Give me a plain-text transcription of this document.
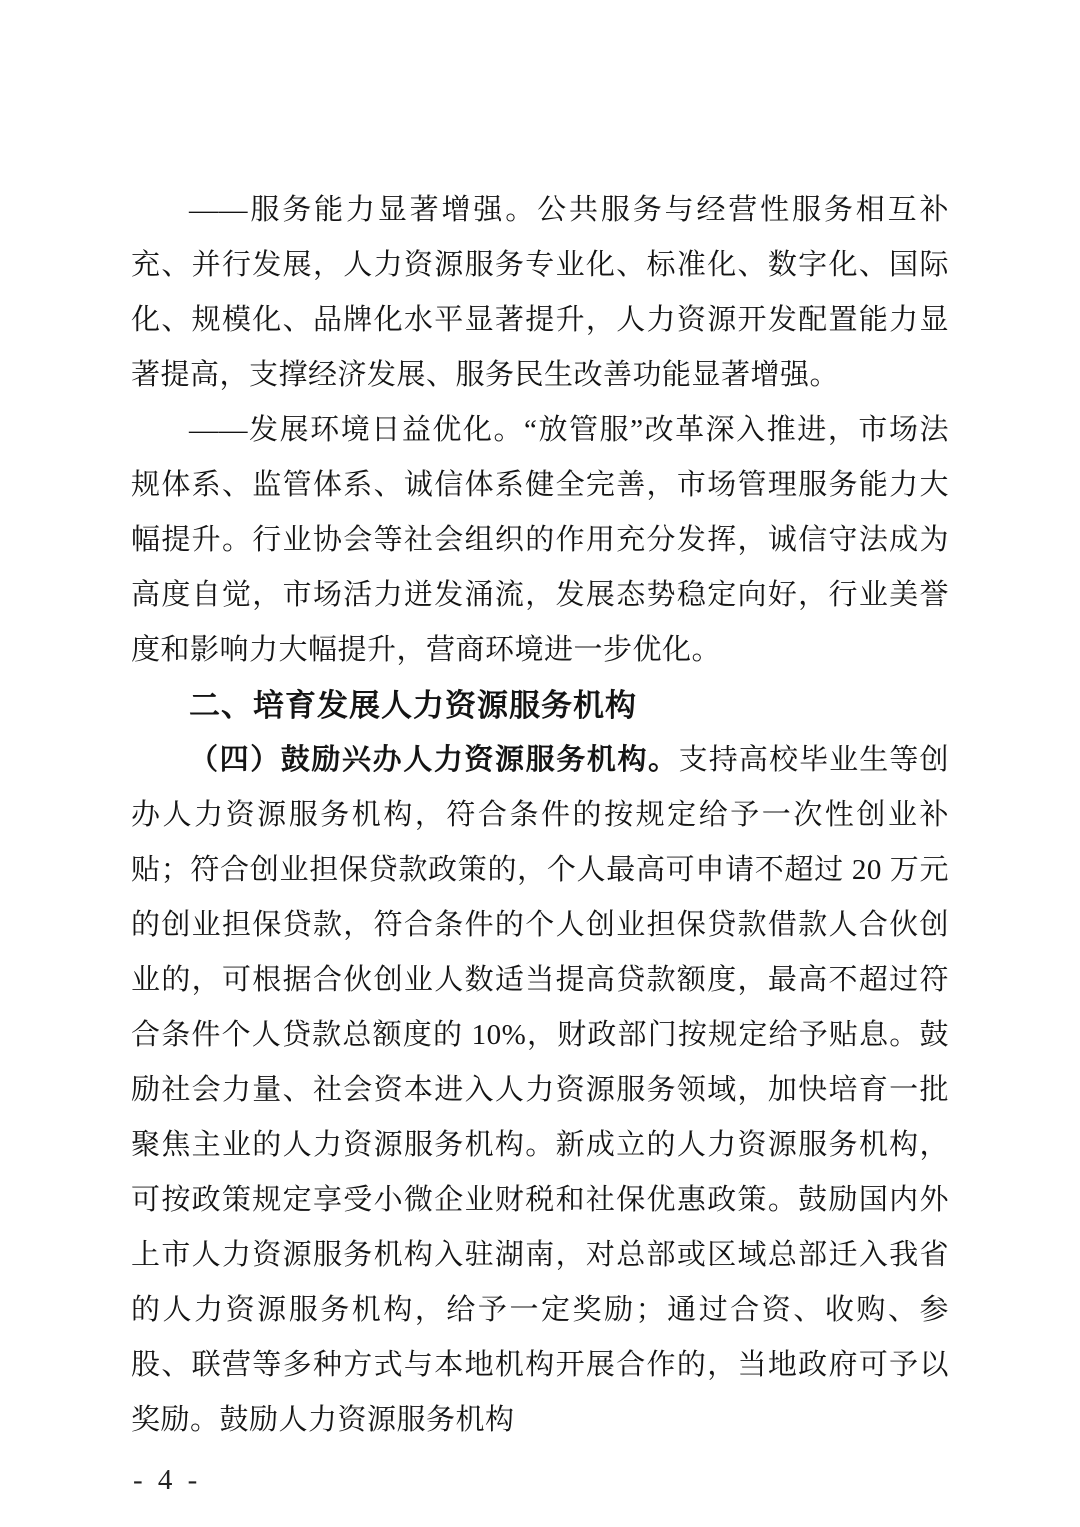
——服务能力显著增强。公共服务与经营性服务相互补充、并行发展，人力资源服务专业化、标准化、数字化、国际化、规模化、品牌化水平显著提升，人力资源开发配置能力显著提高，支撑经济发展、服务民生改善功能显著增强。

——发展环境日益优化。“放管服”改革深入推进，市场法规体系、监管体系、诚信体系健全完善，市场管理服务能力大幅提升。行业协会等社会组织的作用充分发挥，诚信守法成为高度自觉，市场活力迸发涌流，发展态势稳定向好，行业美誉度和影响力大幅提升，营商环境进一步优化。

二、培育发展人力资源服务机构

（四）鼓励兴办人力资源服务机构。支持高校毕业生等创办人力资源服务机构，符合条件的按规定给予一次性创业补贴；符合创业担保贷款政策的，个人最高可申请不超过 20 万元的创业担保贷款，符合条件的个人创业担保贷款借款人合伙创业的，可根据合伙创业人数适当提高贷款额度，最高不超过符合条件个人贷款总额度的 10%，财政部门按规定给予贴息。鼓励社会力量、社会资本进入人力资源服务领域，加快培育一批聚焦主业的人力资源服务机构。新成立的人力资源服务机构，可按政策规定享受小微企业财税和社保优惠政策。鼓励国内外上市人力资源服务机构入驻湖南，对总部或区域总部迁入我省的人力资源服务机构，给予一定奖励；通过合资、收购、参股、联营等多种方式与本地机构开展合作的，当地政府可予以奖励。鼓励人力资源服务机构

- 4 -
